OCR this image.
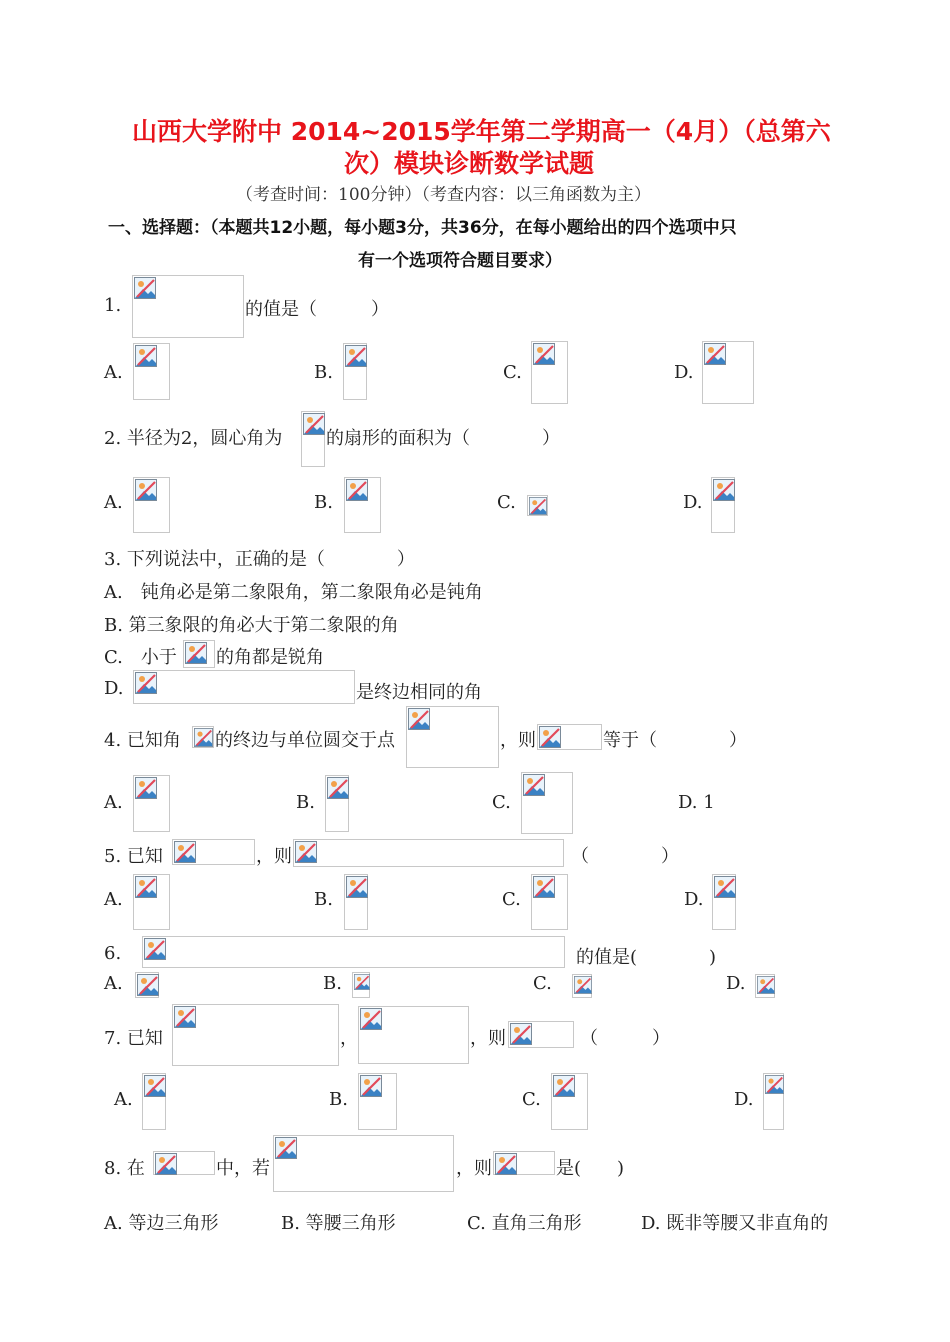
山西大学附中 2014~2015学年第二学期高一（4月）（总第六
次）模块诊断数学试题
（考查时间：100分钟）（考查内容：以三角函数为主）
一、选择题：（本题共12小题，每小题3分，共36分，在每小题给出的四个选项中只
有一个选项符合题目要求）
1.	的值是（　　　）
A.	B.	C.	D.
2. 半径为2，圆心角为 的扇形的面积为（　　　　）
A.	B.	C.	D.
3. 下列说法中，正确的是（　　　　）
A.　钝角必是第二象限角，第二象限角必是钝角
B. 第三象限的角必大于第二象限的角
C.　小于 的角都是锐角
D.	是终边相同的角
4. 已知角 的终边与单位圆交于点	，则	等于（　　　　）
A.	B.	C.	D. 1
5. 已知	，则	（　　　　）
A.	B.	C.	D.
6.	的值是(　　　　)
A.	B.	C.	D.
7. 已知	，	，则	（　　　）
A.	B.	C.	D.
8. 在	中，若	，则	是(　　)
A. 等边三角形	B. 等腰三角形	C. 直角三角形	D. 既非等腰又非直角的
